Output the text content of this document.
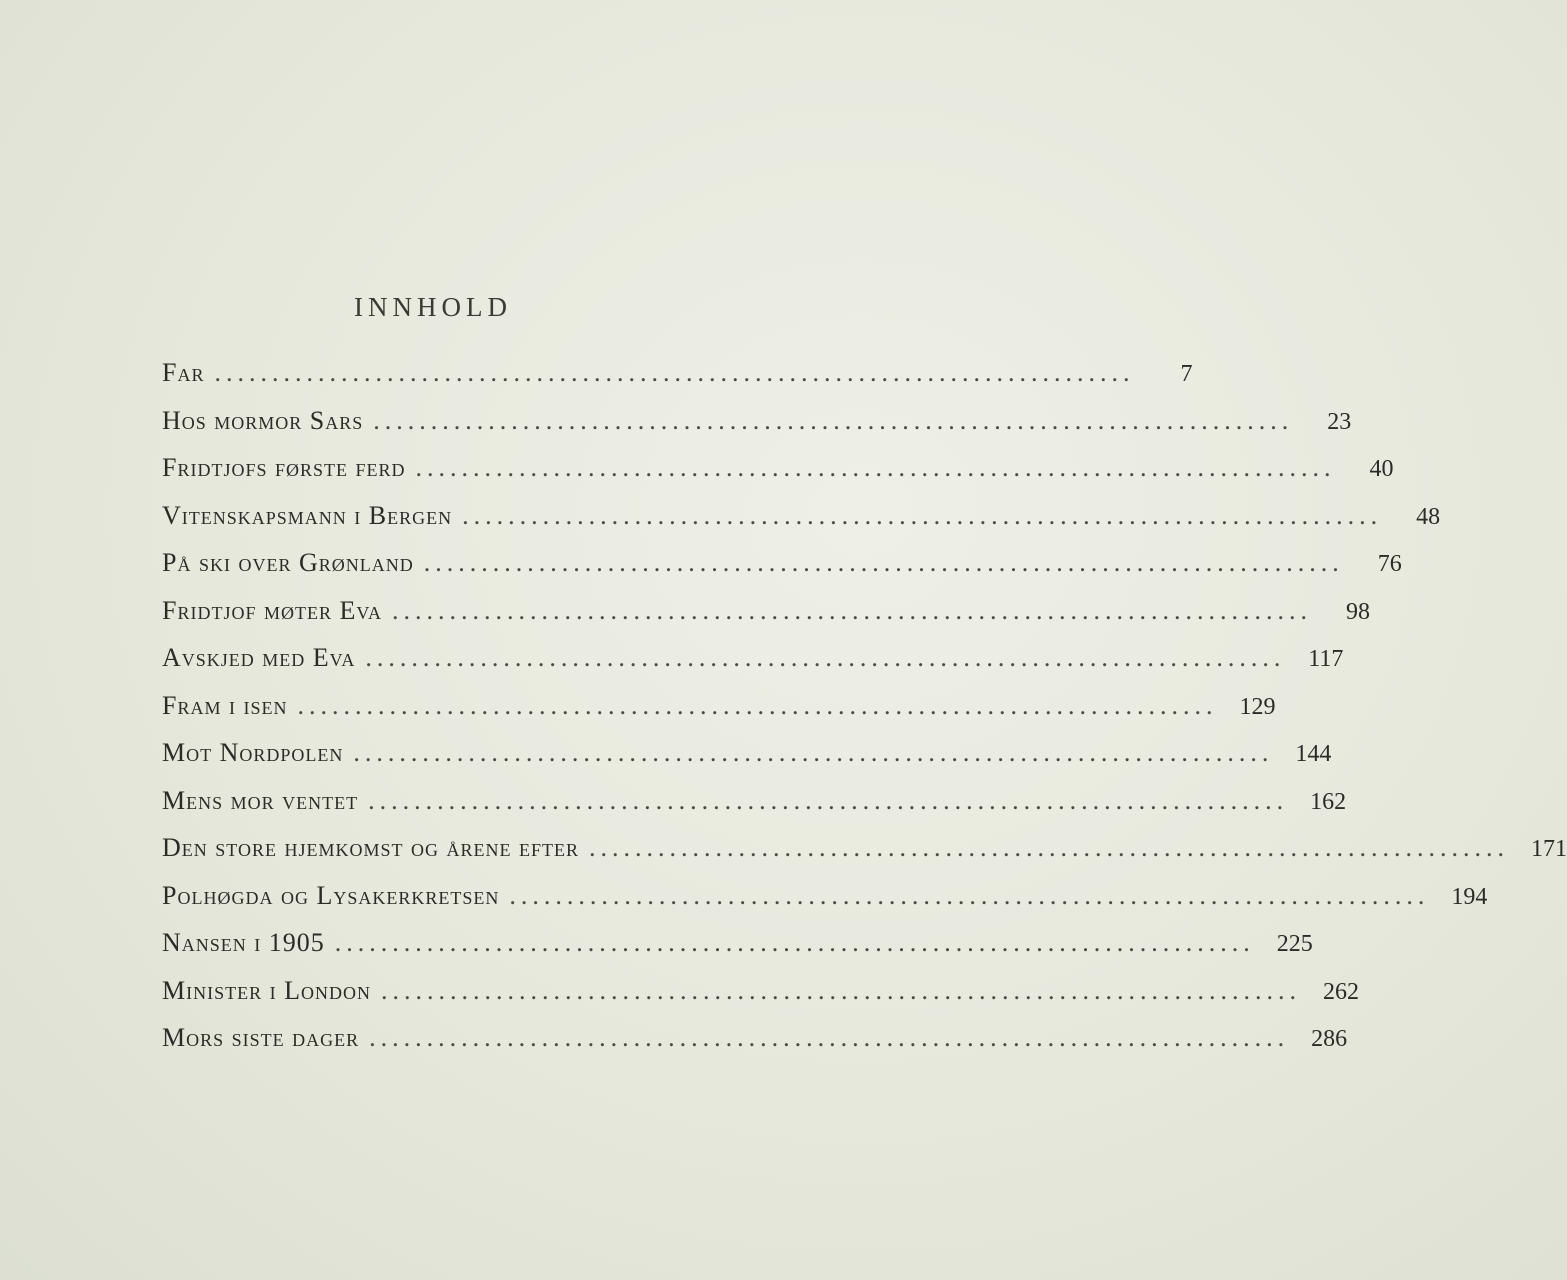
INNHOLD
Far ................................................................................	7
Hos mormor Sars ................................................................................	23
Fridtjofs første ferd ................................................................................	40
Vitenskapsmann i Bergen ................................................................................	48
På ski over Grønland ................................................................................	76
Fridtjof møter Eva ................................................................................	98
Avskjed med Eva ................................................................................ 117
Fram i isen ................................................................................ 129
Mot Nordpolen ................................................................................ 144
Mens mor ventet ................................................................................ 162
Den store hjemkomst og årene efter ................................................................................ 171
Polhøgda og Lysakerkretsen ................................................................................ 194
Nansen i 1905 ................................................................................ 225
Minister i London ................................................................................ 262
Mors siste dager ................................................................................ 286
